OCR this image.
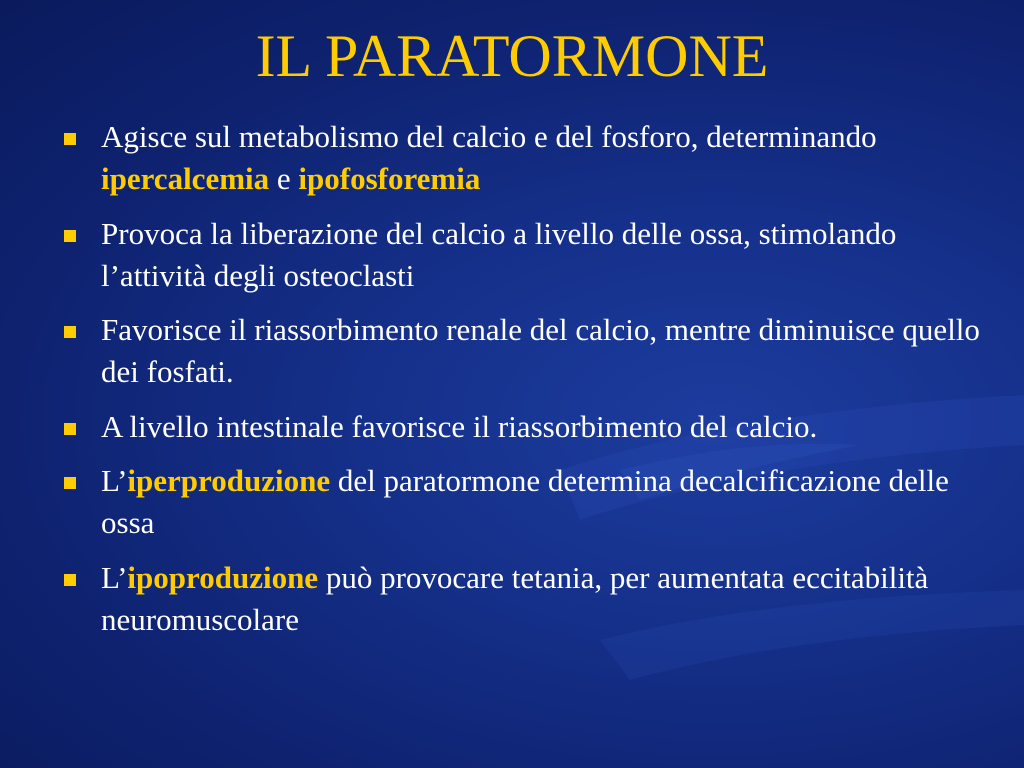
IL PARATORMONE
Agisce sul metabolismo del calcio e del fosforo, determinando ipercalcemia e ipofosforemia
Provoca la liberazione del calcio a livello delle ossa, stimolando l’attività degli osteoclasti
Favorisce il riassorbimento renale del calcio, mentre diminuisce quello dei fosfati.
A livello intestinale favorisce il riassorbimento del calcio.
L’iperproduzione del paratormone determina decalcificazione delle ossa
L’ipoproduzione può provocare tetania, per aumentata eccitabilità neuromuscolare
